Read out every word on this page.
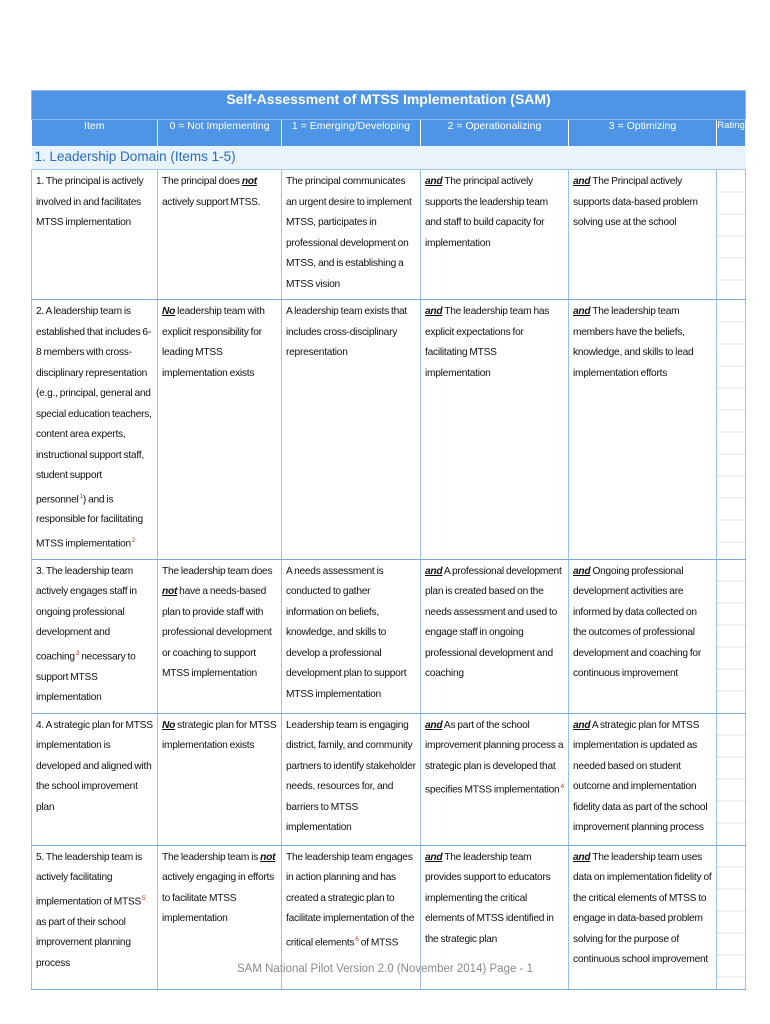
Self-Assessment of MTSS Implementation (SAM)					
Item	0 = Not Implementing	1 = Emerging/Developing	2 = Operationalizing	3 = Optimizing	Rating
1. Leadership Domain (Items 1-5)					
1. The principal is actively involved in and facilitates MTSS implementation	The principal does not actively support MTSS.	The principal communicates an urgent desire to implement MTSS, participates in professional development on MTSS, and is establishing a MTSS vision	and The principal actively supports the leadership team and staff to build capacity for implementation	and The Principal actively supports data-based problem solving use at the school	
2. A leadership team is established that includes 6-8 members with cross-disciplinary representation (e.g., principal, general and special education teachers, content area experts, instructional support staff, student support personnel$^1$) and is responsible for facilitating MTSS implementation$^2$	No leadership team with explicit responsibility for leading MTSS implementation exists	A leadership team exists that includes cross-disciplinary representation	and The leadership team has explicit expectations for facilitating MTSS implementation	and The leadership team members have the beliefs, knowledge, and skills to lead implementation efforts	
3. The leadership team actively engages staff in ongoing professional development and coaching$^3$ necessary to support MTSS implementation	The leadership team does not have a needs-based plan to provide staff with professional development or coaching to support MTSS implementation	A needs assessment is conducted to gather information on beliefs, knowledge, and skills to develop a professional development plan to support MTSS implementation	and A professional development plan is created based on the needs assessment and used to engage staff in ongoing professional development and coaching	and Ongoing professional development activities are informed by data collected on the outcomes of professional development and coaching for continuous improvement	
4. A strategic plan for MTSS implementation is developed and aligned with the school improvement plan	No strategic plan for MTSS implementation exists	Leadership team is engaging district, family, and community partners to identify stakeholder needs, resources for, and barriers to MTSS implementation	and As part of the school improvement planning process a strategic plan is developed that specifies MTSS implementation$^4$	and A strategic plan for MTSS implementation is updated as needed based on student outcome and implementation fidelity data as part of the school improvement planning process	
5. The leadership team is actively facilitating implementation of MTSS$^5$ as part of their school improvement planning process	The leadership team is not actively engaging in efforts to facilitate MTSS implementation	The leadership team engages in action planning and has created a strategic plan to facilitate implementation of the critical elements$^6$ of MTSS	and The leadership team provides support to educators implementing the critical elements of MTSS identified in the strategic plan	and The leadership team uses data on implementation fidelity of the critical elements of MTSS to engage in data-based problem solving for the purpose of continuous school improvement	
SAM National Pilot Version 2.0 (November 2014) Page - 1
